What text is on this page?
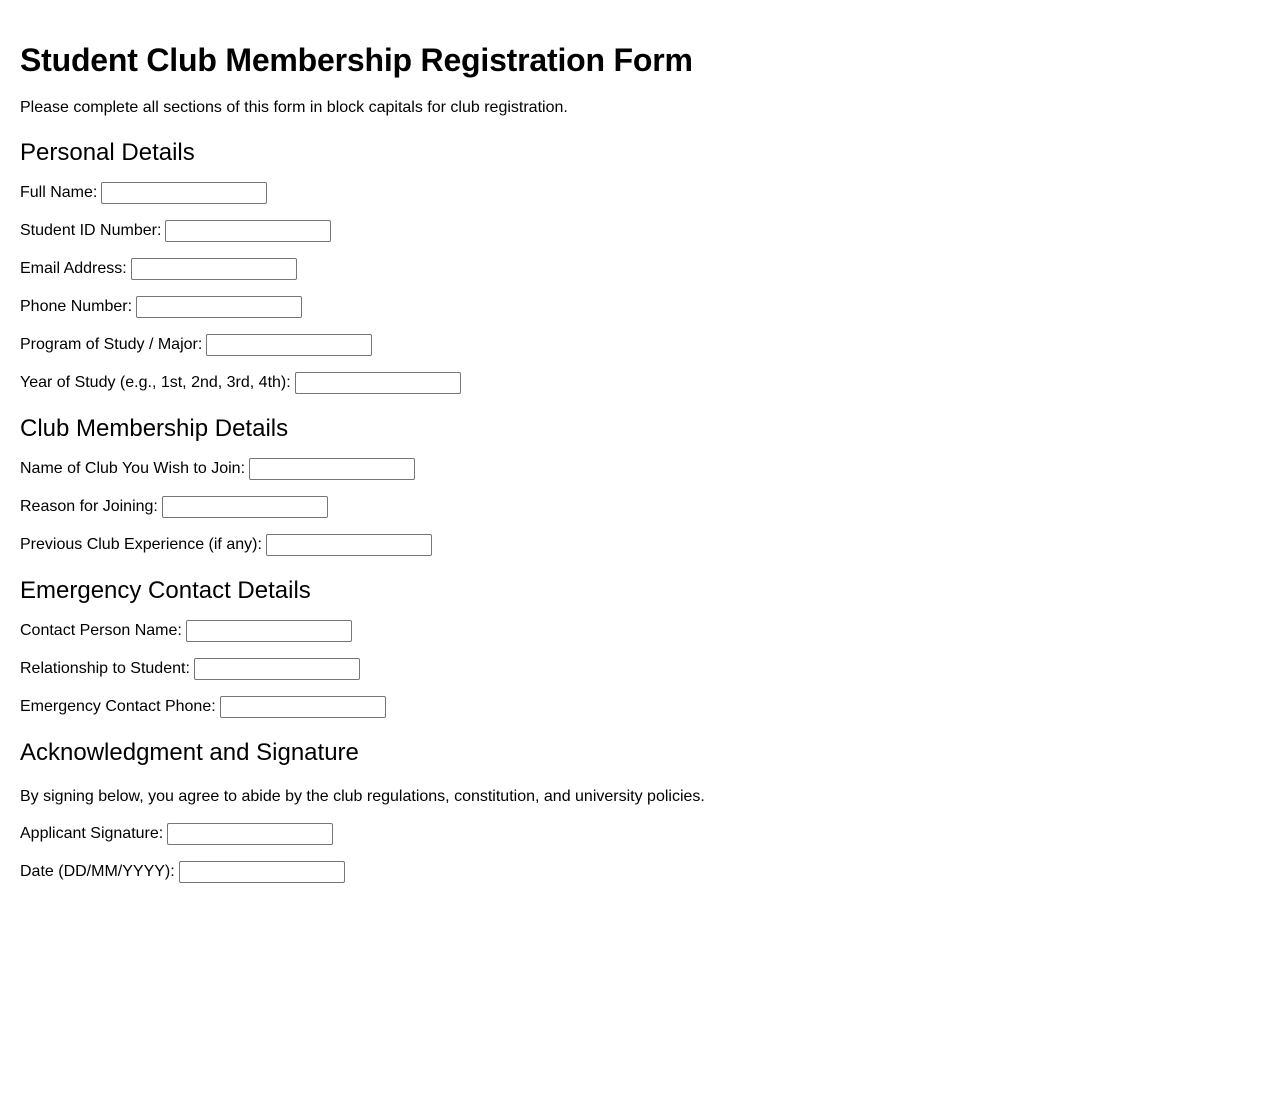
Student Club Membership Registration Form

Please complete all sections of this form in block capitals for club registration.

Personal Details
Full Name:
Student ID Number:
Email Address:
Phone Number:
Program of Study / Major:
Year of Study (e.g., 1st, 2nd, 3rd, 4th):
Club Membership Details
Name of Club You Wish to Join:
Reason for Joining:
Previous Club Experience (if any):
Emergency Contact Details
Contact Person Name:
Relationship to Student:
Emergency Contact Phone:
Acknowledgment and Signature

By signing below, you agree to abide by the club regulations, constitution, and university policies.

Applicant Signature:
Date (DD/MM/YYYY):
